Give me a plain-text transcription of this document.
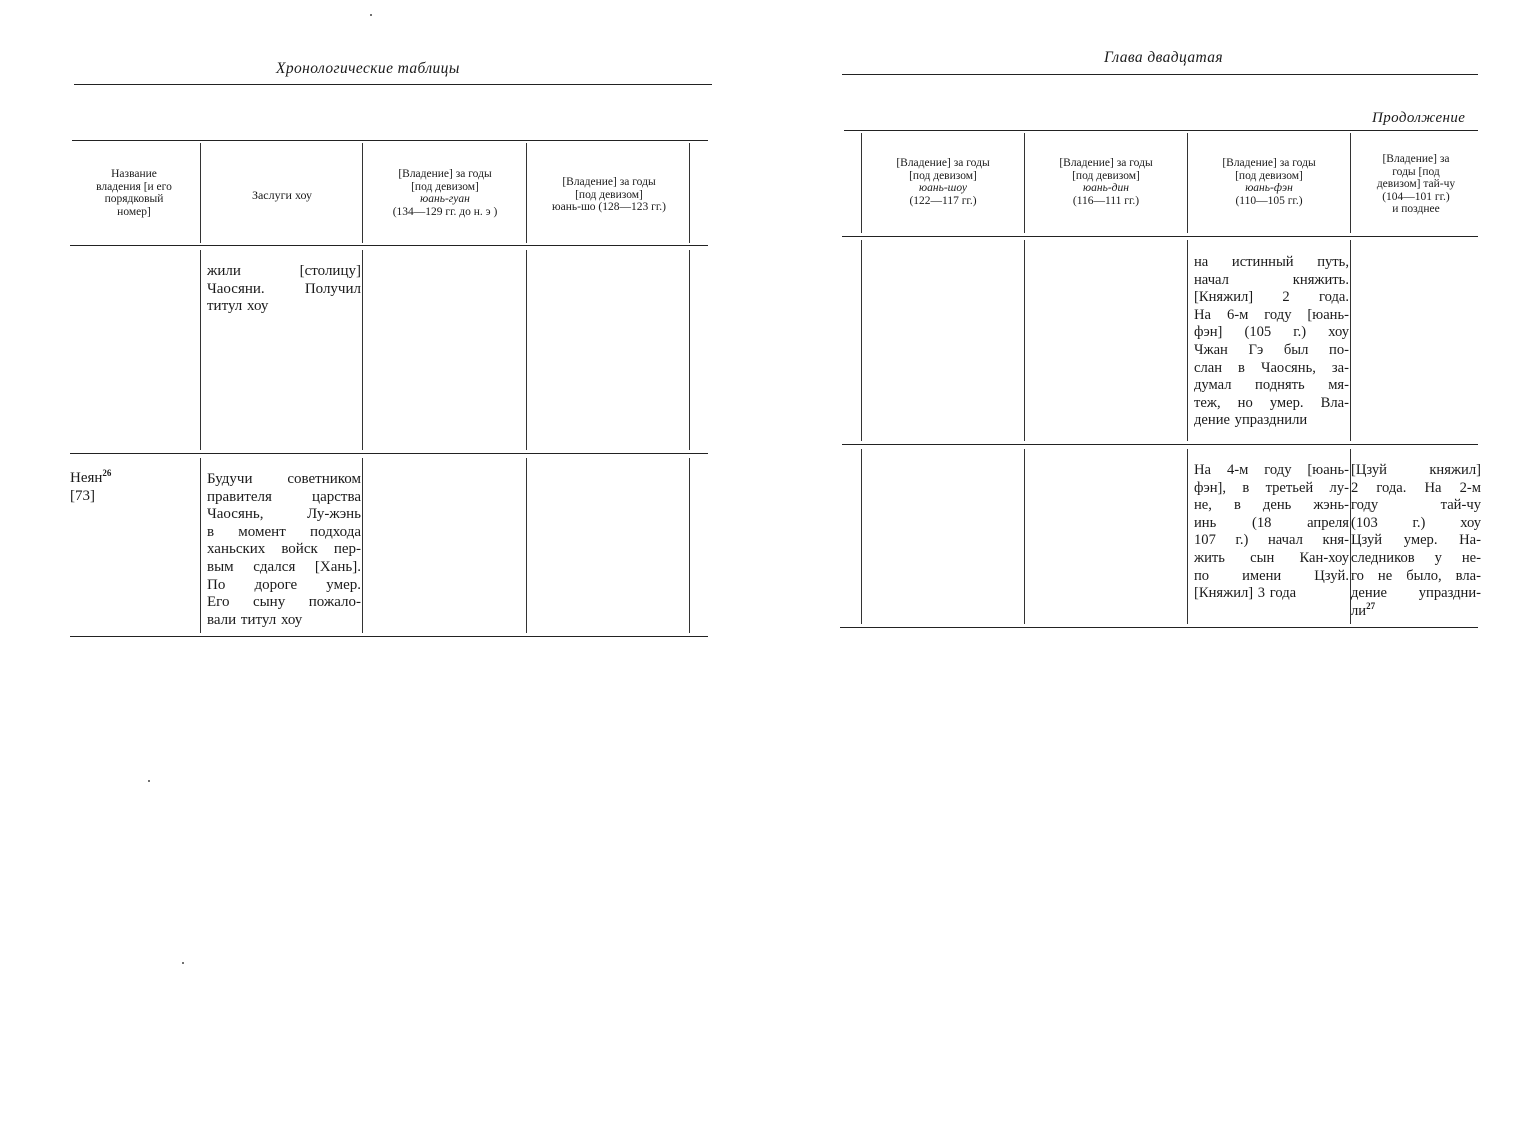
Хронологические таблицы
Название
владения [и его
порядковый
номер]
Заслуги хоу
[Владение] за годы
[под девизом]
юань-гуан
(134—129 гг. до н. э )
[Владение] за годы
[под девизом]
юань-шо (128—123 гг.)
жили [столицу]
Чаосяни. Получил
титул хоу
Неян$^{26}$
[73]
Будучи советником
правителя царства
Чаосянь, Лу-жэнь
в момент подхода
ханьских войск пер-
вым сдался [Хань].
По дороге умер.
Его сыну пожало-
вали титул хоу
Глава двадцатая
Продолжение
[Владение] за годы
[под девизом]
юань-шоу
(122—117 гг.)
[Владение] за годы
[под девизом]
юань-дин
(116—111 гг.)
[Владение] за годы
[под девизом]
юань-фэн
(110—105 гг.)
[Владение] за
годы [под
девизом] тай-чу
(104—101 гг.)
и позднее
на истинный путь,
начал княжить.
[Княжил] 2 года.
На 6-м году [юань-
фэн] (105 г.) хоу
Чжан Гэ был по-
слан в Чаосянь, за-
думал поднять мя-
теж, но умер. Вла-
дение упразднили
На 4-м году [юань-
фэн], в третьей лу-
не, в день жэнь-
инь (18 апреля
107 г.) начал кня-
жить сын Кан-хоу
по имени Цзуй.
[Княжил] 3 года
[Цзуй княжил]
2 года. На 2-м
году тай-чу
(103 г.) хоу
Цзуй умер. На-
следников у не-
го не было, вла-
дение упраздни-
$ли^{27}$
